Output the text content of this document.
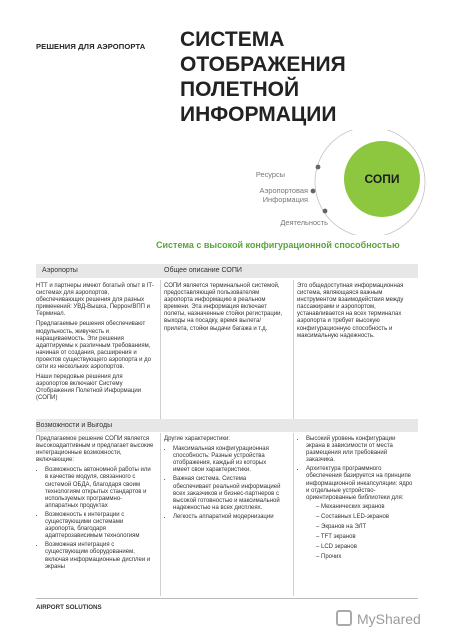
РЕШЕНИЯ ДЛЯ АЭРОПОРТА СИСТЕМА ОТОБРАЖЕНИЯ ПОЛЕТНОЙ ИНФОРМАЦИИ
СОПИ
Ресурсы
Аэропортовая
Информация
Деятельность
Система с высокой конфигурационной способностью
Аэропорты	Общее описание СОПИ

НТТ и партнеры имеют богатый опыт в IT-системах для аэропортов, обеспечивающих решения для разных применений: УВД-Вышка, Перрон/ВПП и Терминал.

Предлагаемые решения обеспечивают модульность, живучесть и наращиваемость. Эти решения адаптируемы к различным требованиям, начиная от создания, расширения и проектов существующего аэропорта и до сети из нескольких аэропортов.

Наши передовые решения для аэропортов включают Систему Отображения Полетной Информации (СОПИ)

СОПИ является терминальной системой, предоставляющей пользователям аэропорта информацию в реальном времени. Эта информация включает полеты, назначенные стойки регистрации, выходы на посадку, время вылета/прилета, стойки выдачи багажа и т.д.

Это общедоступная информационная система, являющаяся важным инструментом взаимодействия между пассажирами и аэропортом, устанавливается на всех терминалах аэропорта и требует высокую конфигурационную способность и максимальную надежность.

Возможности и Выгоды

Предлагаемое решение СОПИ является высокоадаптивным и предлагает высокие интеграционные возможности, включающие:

• Возможность автономной работы или в качестве модуля, связанного с системой ОБДА, благодаря своим технологиям открытых стандартов и используемых программно-аппаратных продуктах
• Возможность к интеграции с существующими системами аэропорта, благодаря адаптерозависимым технологиям
• Возможная интеграция с существующим оборудованием, включая информационные дисплеи и экраны

Другие характеристики:

• Максимальная конфигурационная способность: Разные устройства отображения, каждый из которых имеет свои характеристики.
• Важная система. Система обеспечивает реальной информацией всех заказчиков и бизнес-партнеров с высокой готовностью и максимальной надежностью на всех дисплеях.
• Легкость аппаратной модернизации
• Высокий уровень конфигурации экрана в зависимости от места размещения или требований заказчика.
• Архитектура программного обеспечения базируется на принципе информационной инкапсуляции: ядро и отдельные устройство-ориентированные библиотеки для:
– Механических экранов
– Составных LED-экранов
– Экранов на ЭЛТ
– TFT экранов
– LCD экранов
– Прочих
AIRPORT SOLUTIONS
MyShared
